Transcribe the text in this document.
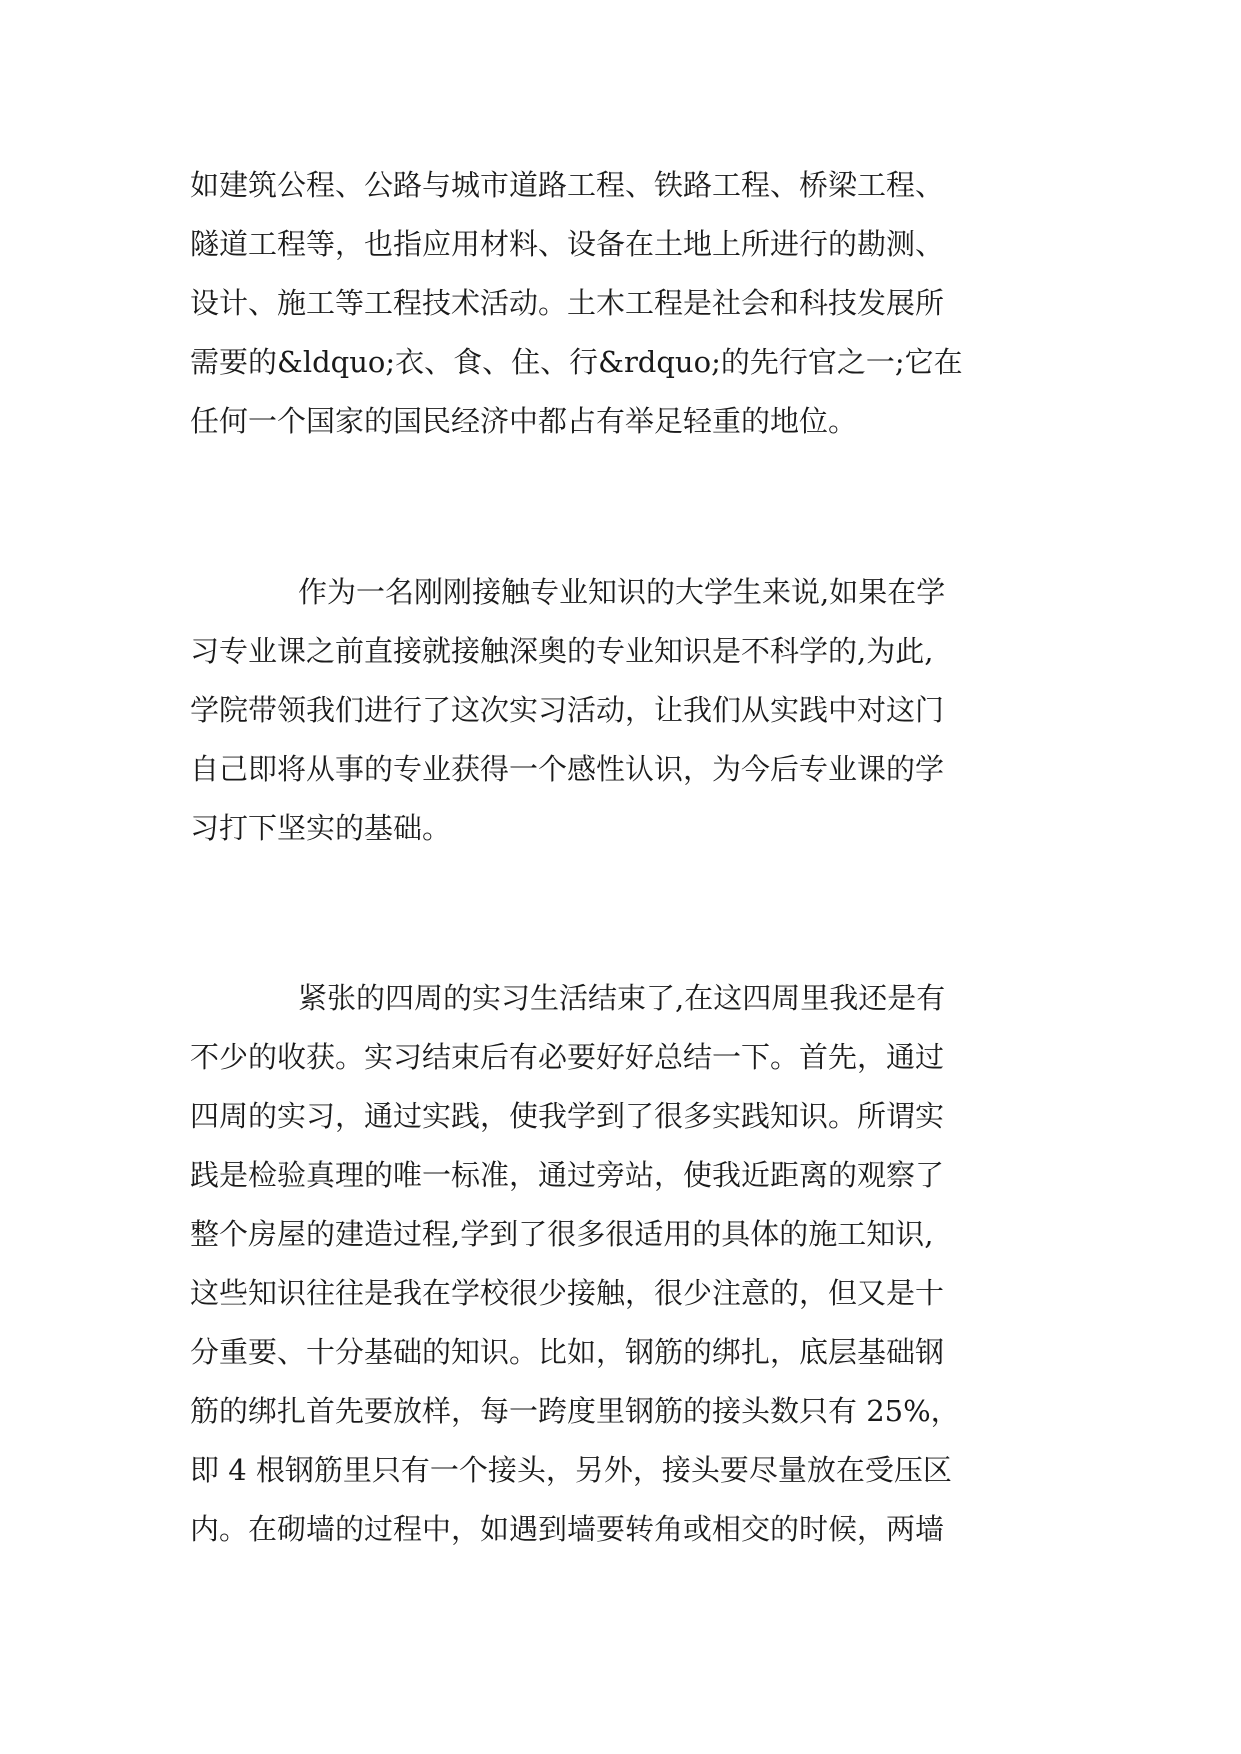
如建筑公程、公路与城市道路工程、铁路工程、桥梁工程、
隧道工程等，也指应用材料、设备在土地上所进行的勘测、
设计、施工等工程技术活动。土木工程是社会和科技发展所
需要的&ldquo;衣、食、住、行&rdquo;的先行官之一;它在
任何一个国家的国民经济中都占有举足轻重的地位。
作为一名刚刚接触专业知识的大学生来说,如果在学
习专业课之前直接就接触深奥的专业知识是不科学的,为此,
学院带领我们进行了这次实习活动，让我们从实践中对这门
自己即将从事的专业获得一个感性认识，为今后专业课的学
习打下坚实的基础。
紧张的四周的实习生活结束了,在这四周里我还是有
不少的收获。实习结束后有必要好好总结一下。首先，通过
四周的实习，通过实践，使我学到了很多实践知识。所谓实
践是检验真理的唯一标准，通过旁站，使我近距离的观察了
整个房屋的建造过程,学到了很多很适用的具体的施工知识,
这些知识往往是我在学校很少接触，很少注意的，但又是十
分重要、十分基础的知识。比如，钢筋的绑扎，底层基础钢
筋的绑扎首先要放样，每一跨度里钢筋的接头数只有 25%，
即 4 根钢筋里只有一个接头，另外，接头要尽量放在受压区
内。在砌墙的过程中，如遇到墙要转角或相交的时候，两墙
